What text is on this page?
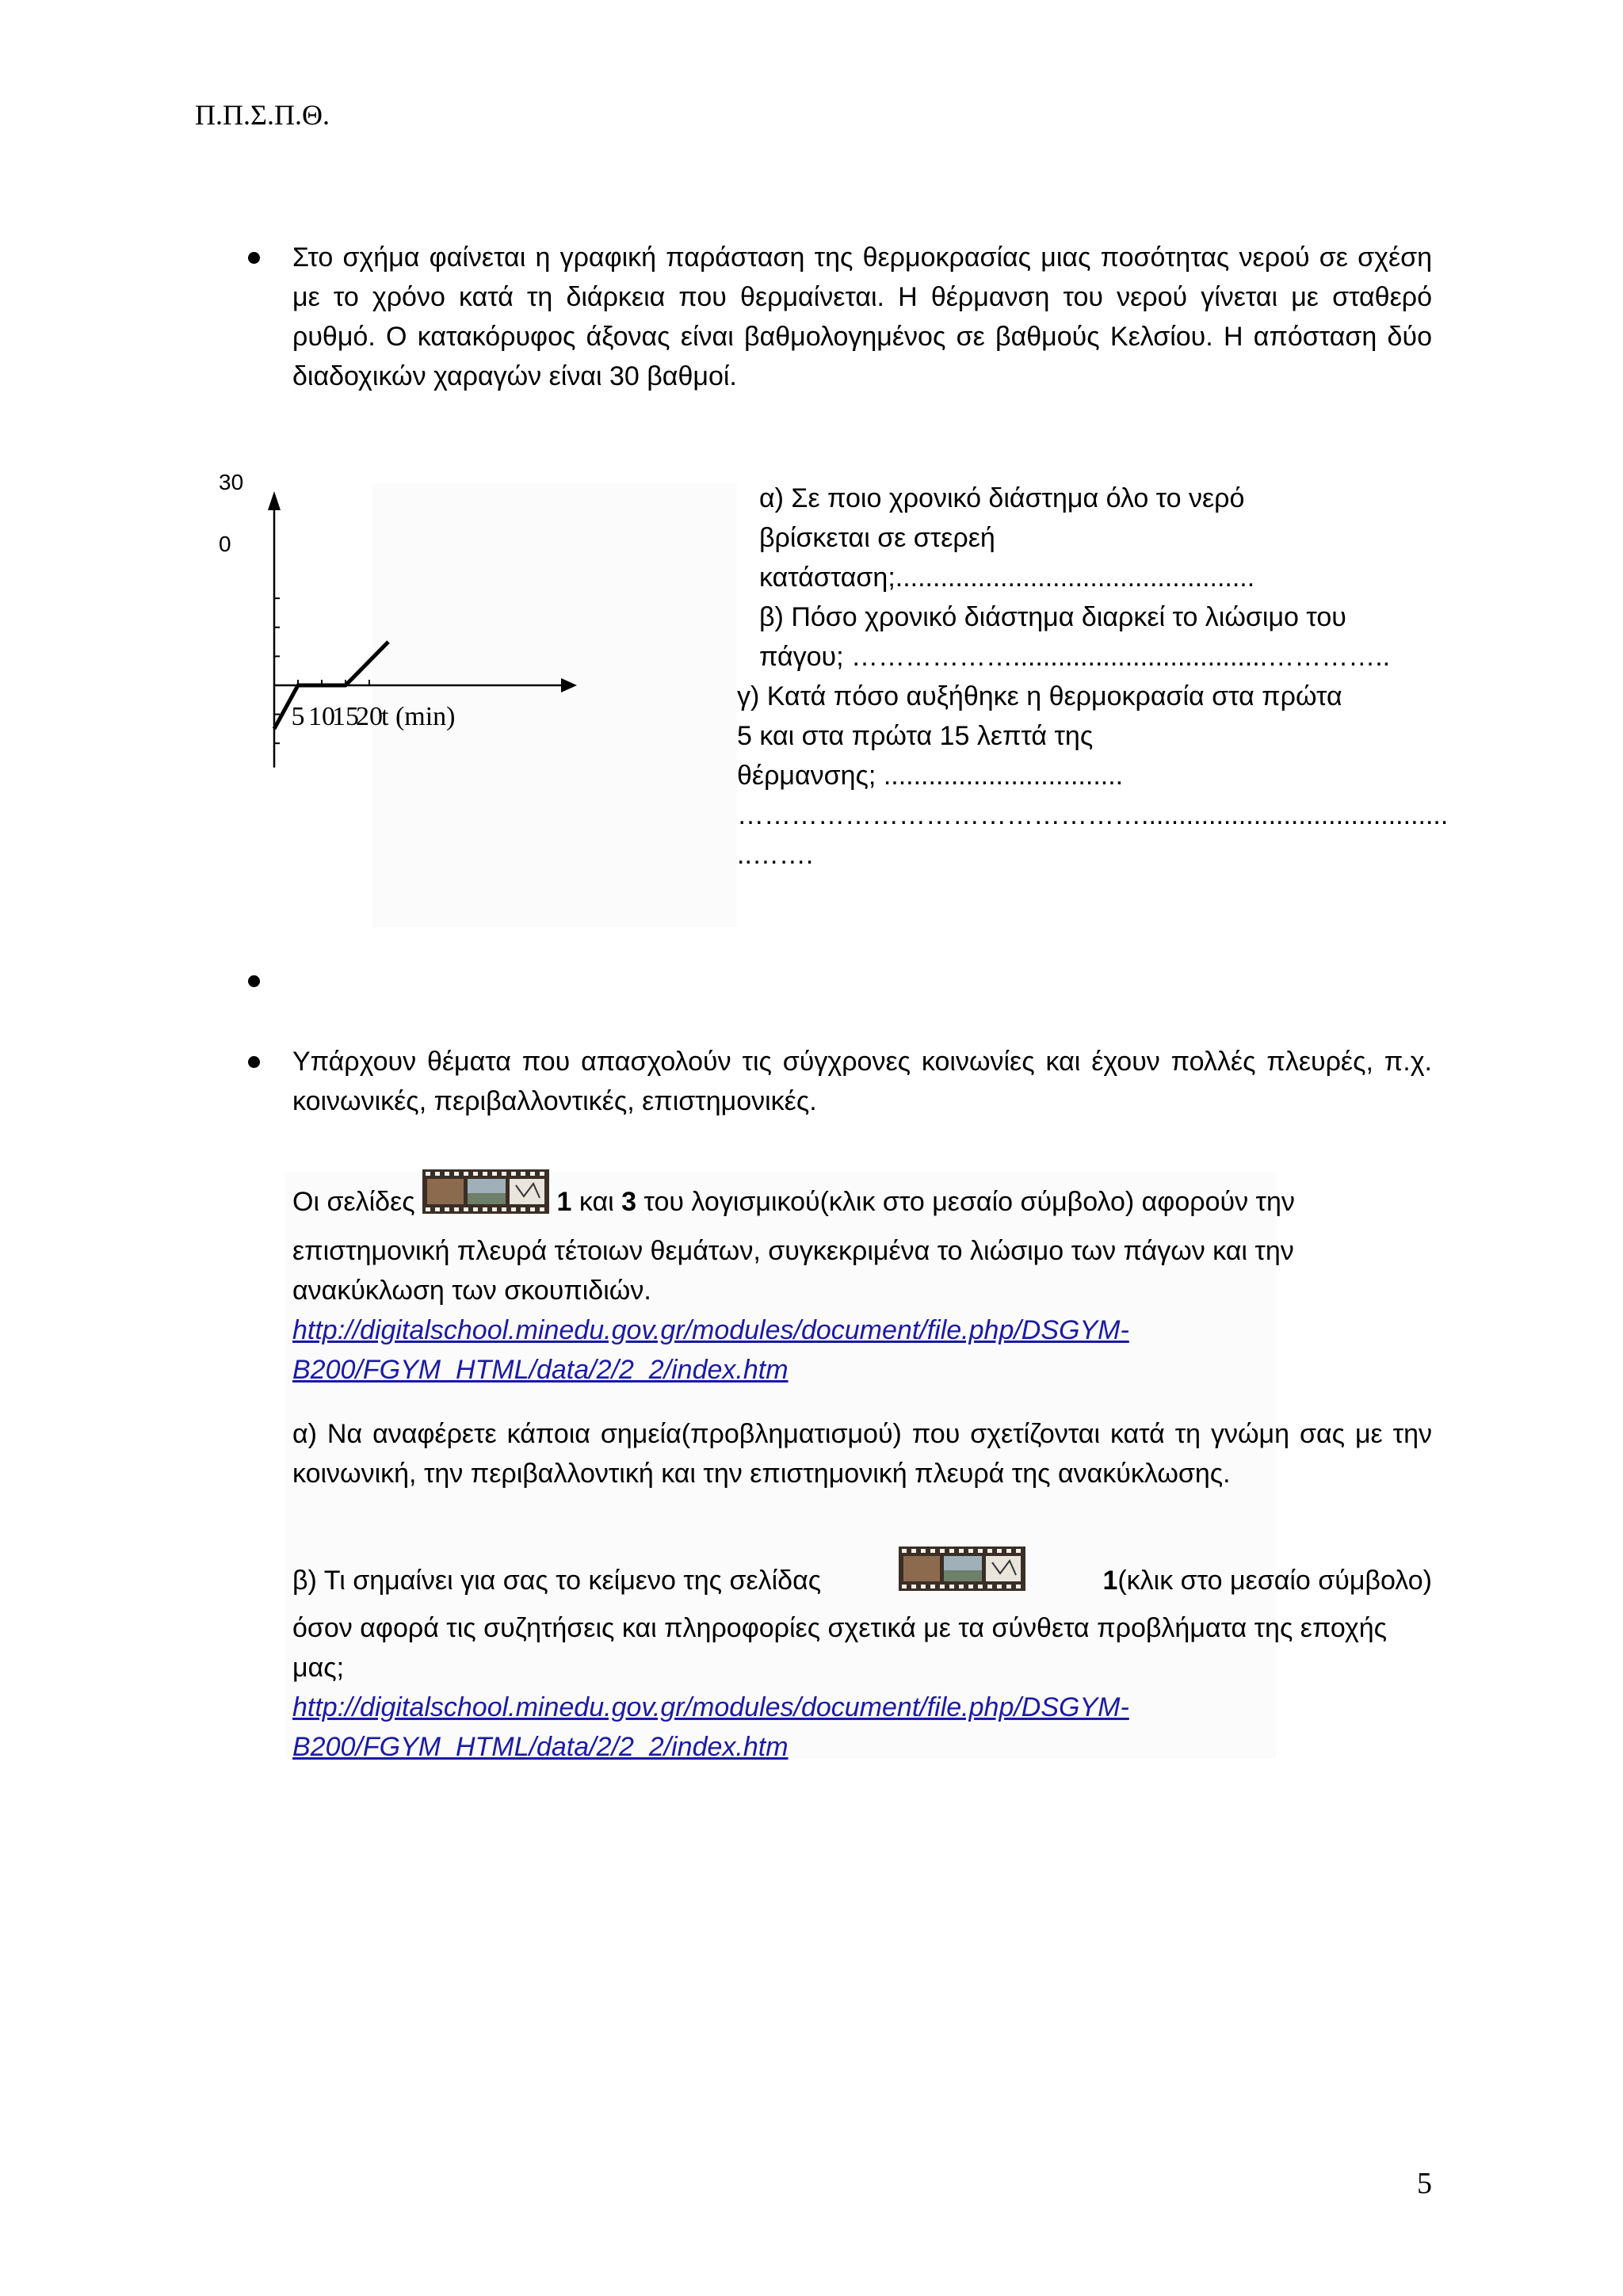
Π.Π.Σ.Π.Θ.
Στο σχήμα φαίνεται η γραφική παράσταση της θερμοκρασίας μιας ποσότητας νερού σε σχέση με το χρόνο κατά τη διάρκεια που θερμαίνεται. Η θέρμανση του νερού γίνεται με σταθερό ρυθμό. Ο κατακόρυφος άξονας είναι βαθμολογημένος σε βαθμούς Κελσίου. Η απόσταση δύο διαδοχικών χαραγών είναι 30 βαθμοί.
5 10
15
20
t (min)
30
0
α) Σε ποιο χρονικό διάστημα όλο το νερό
βρίσκεται σε στερεή
κατάσταση;................................................
β) Πόσο χρονικό διάστημα διαρκεί το λιώσιμο του
πάγου; ………………..................................…………..
γ) Κατά πόσο αυξήθηκε η θερμοκρασία στα πρώτα
5 και στα πρώτα 15 λεπτά της
θέρμανσης; ................................
……………………………………….........................................
..…….
Υπάρχουν θέματα που απασχολούν τις σύγχρονες κοινωνίες και έχουν πολλές πλευρές, π.χ. κοινωνικές, περιβαλλοντικές, επιστημονικές.
Οι σελίδες	1 και 3 του λογισμικού(κλικ στο μεσαίο σύμβολο) αφορούν την
επιστημονική πλευρά τέτοιων θεμάτων, συγκεκριμένα το λιώσιμο των πάγων και την ανακύκλωση των σκουπιδιών.
http://digitalschool.minedu.gov.gr/modules/document/file.php/DSGYM-
B200/FGYM_HTML/data/2/2_2/index.htm
α) Να αναφέρετε κάποια σημεία(προβληματισμού) που σχετίζονται κατά τη γνώμη σας με την κοινωνική, την περιβαλλοντική και την επιστημονική πλευρά της ανακύκλωσης.
β) Τι σημαίνει για σας το κείμενο της σελίδας	1(κλικ στο μεσαίο σύμβολο)
όσον αφορά τις συζητήσεις και πληροφορίες σχετικά με τα σύνθετα προβλήματα της εποχής μας;
http://digitalschool.minedu.gov.gr/modules/document/file.php/DSGYM-
B200/FGYM_HTML/data/2/2_2/index.htm
5
